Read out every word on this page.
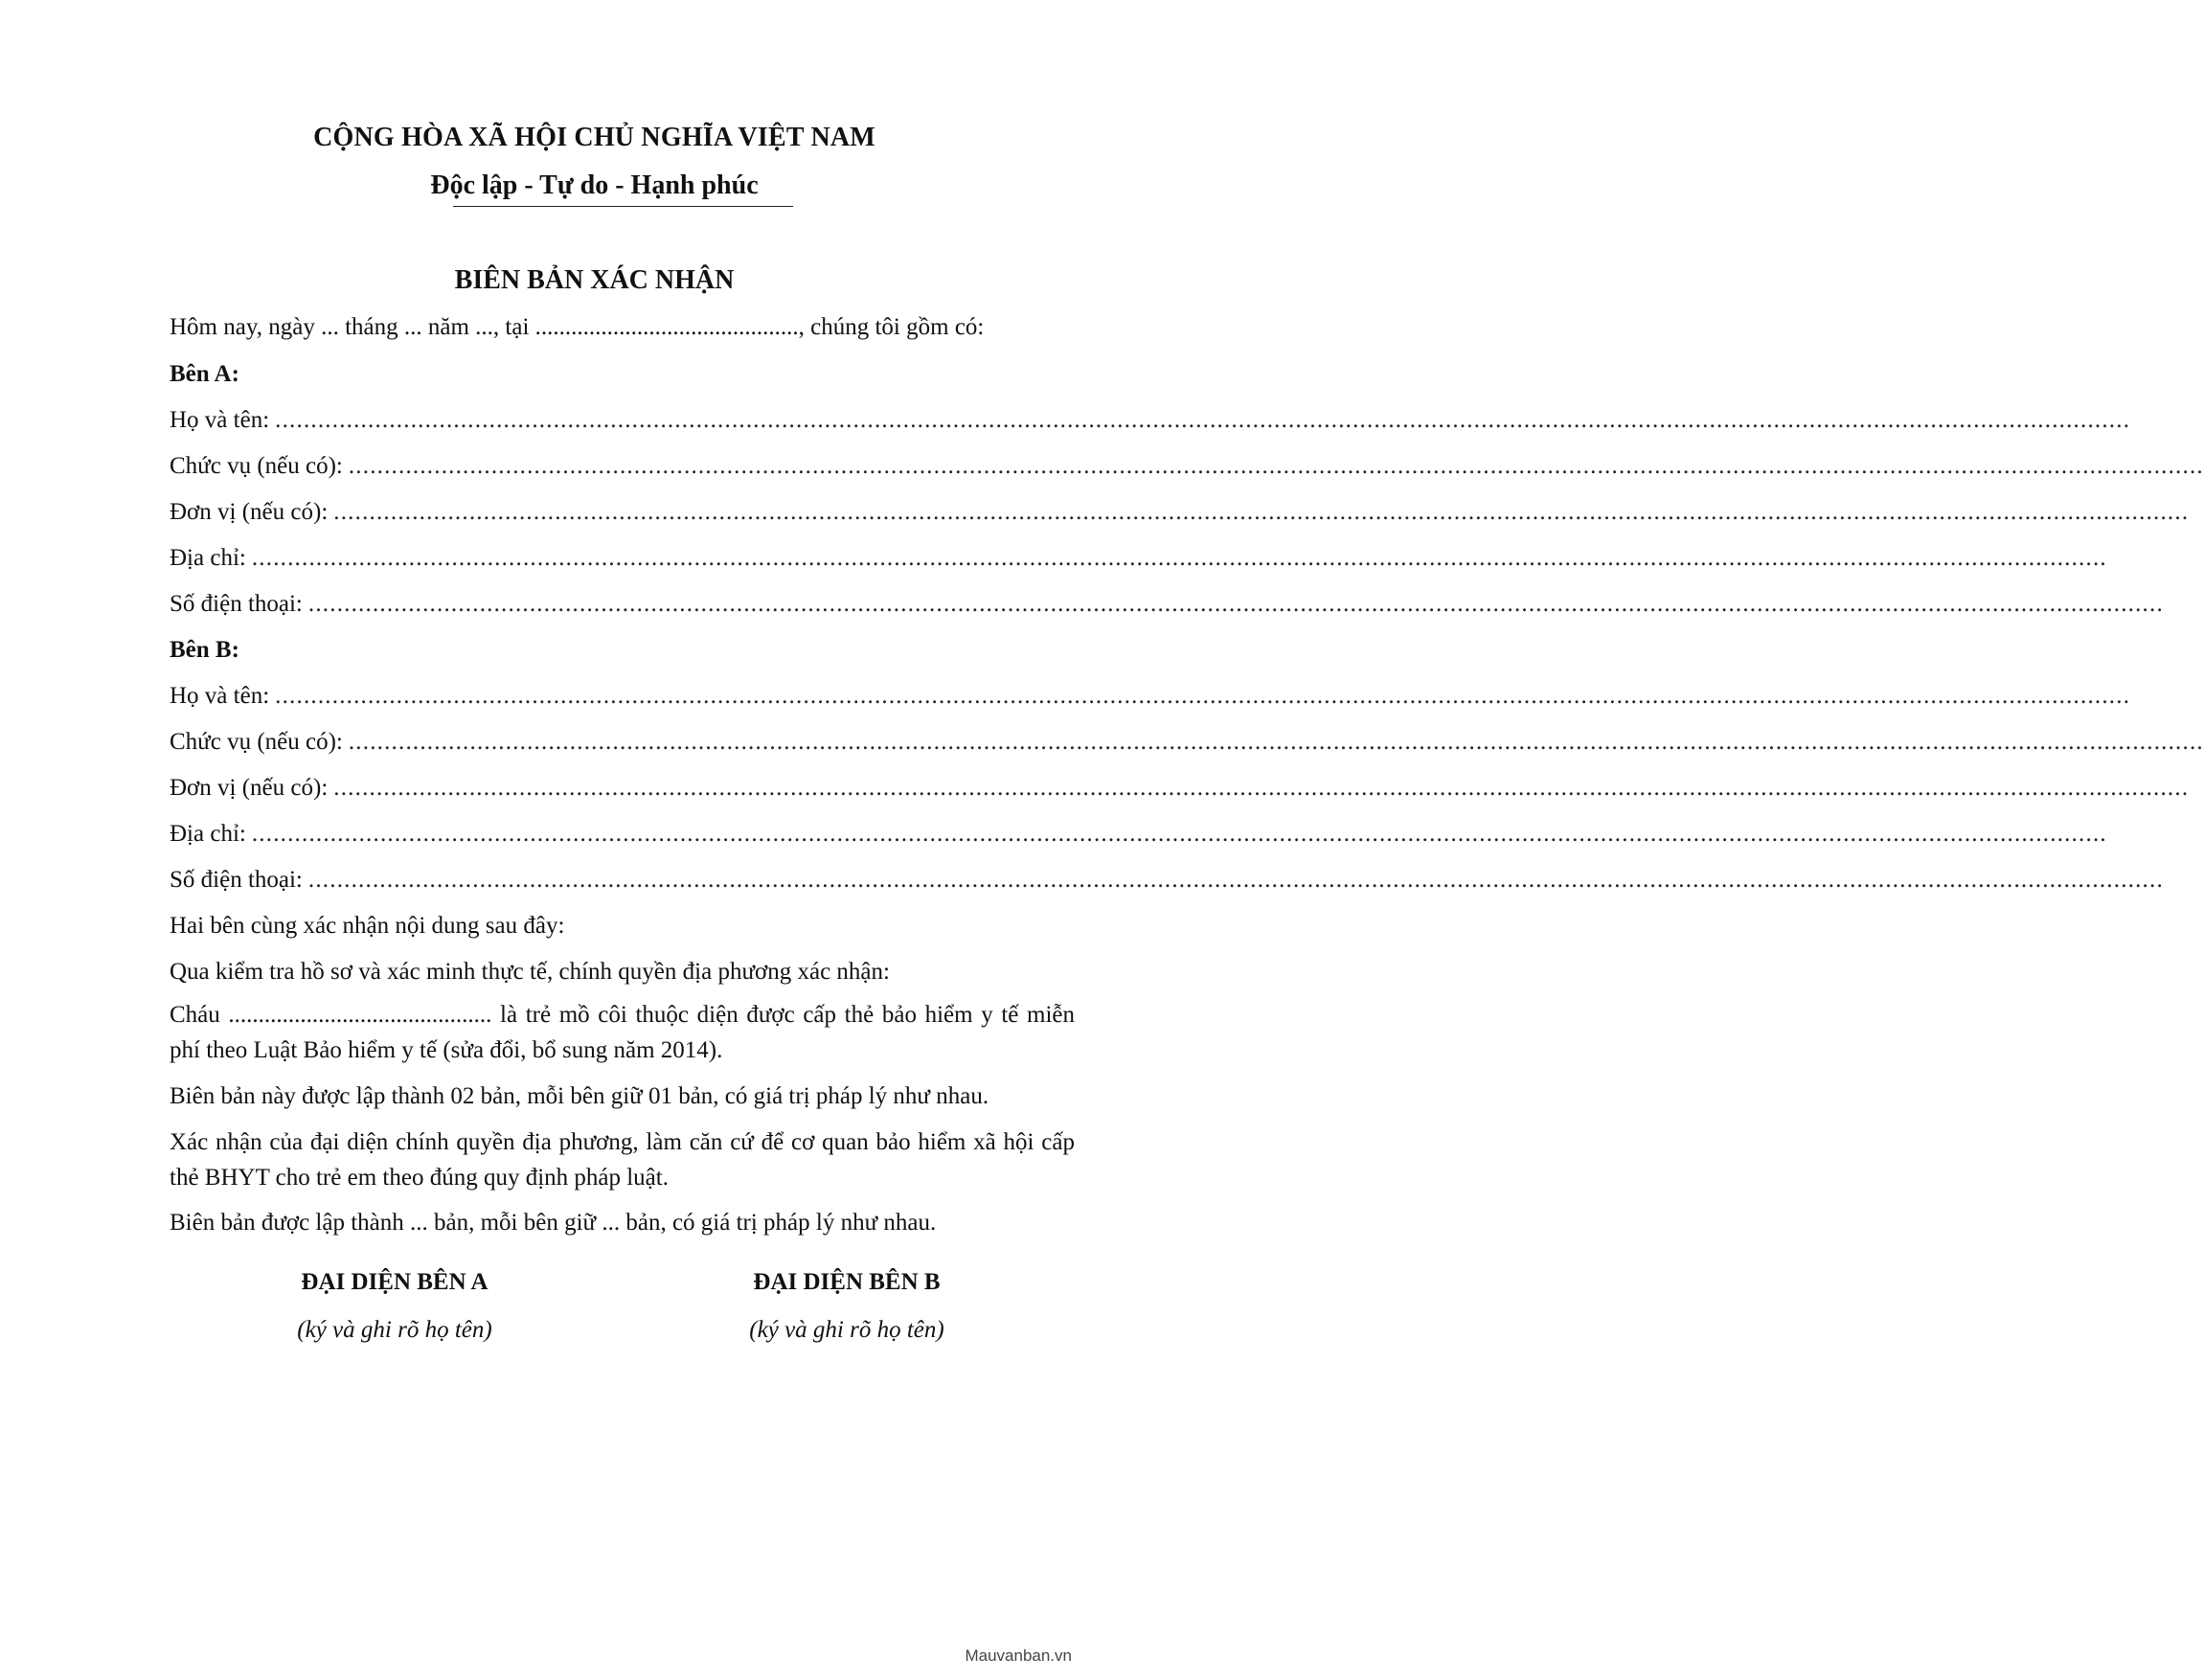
CỘNG HÒA XÃ HỘI CHỦ NGHĨA VIỆT NAM
Độc lập - Tự do - Hạnh phúc
BIÊN BẢN XÁC NHẬN
Hôm nay, ngày ... tháng ... năm ..., tại ............................................, chúng tôi gồm có:
Bên A:
Họ và tên: ....................................................................................................................................................................................................................................................................
Chức vụ (nếu có): ....................................................................................................................................................................................................................................................................
Đơn vị (nếu có): ....................................................................................................................................................................................................................................................................
Địa chỉ: ....................................................................................................................................................................................................................................................................
Số điện thoại: ....................................................................................................................................................................................................................................................................
Bên B:
Họ và tên: ....................................................................................................................................................................................................................................................................
Chức vụ (nếu có): ....................................................................................................................................................................................................................................................................
Đơn vị (nếu có): ....................................................................................................................................................................................................................................................................
Địa chỉ: ....................................................................................................................................................................................................................................................................
Số điện thoại: ....................................................................................................................................................................................................................................................................
Hai bên cùng xác nhận nội dung sau đây:
Qua kiểm tra hồ sơ và xác minh thực tế, chính quyền địa phương xác nhận:
Cháu ............................................ là trẻ mồ côi thuộc diện được cấp thẻ bảo hiểm y tế miễn phí theo Luật Bảo hiểm y tế (sửa đổi, bổ sung năm 2014).
Biên bản này được lập thành 02 bản, mỗi bên giữ 01 bản, có giá trị pháp lý như nhau.
Xác nhận của đại diện chính quyền địa phương, làm căn cứ để cơ quan bảo hiểm xã hội cấp thẻ BHYT cho trẻ em theo đúng quy định pháp luật.
Biên bản được lập thành ... bản, mỗi bên giữ ... bản, có giá trị pháp lý như nhau.
ĐẠI DIỆN BÊN A
(ký và ghi rõ họ tên)
ĐẠI DIỆN BÊN B
(ký và ghi rõ họ tên)
Mauvanban.vn
